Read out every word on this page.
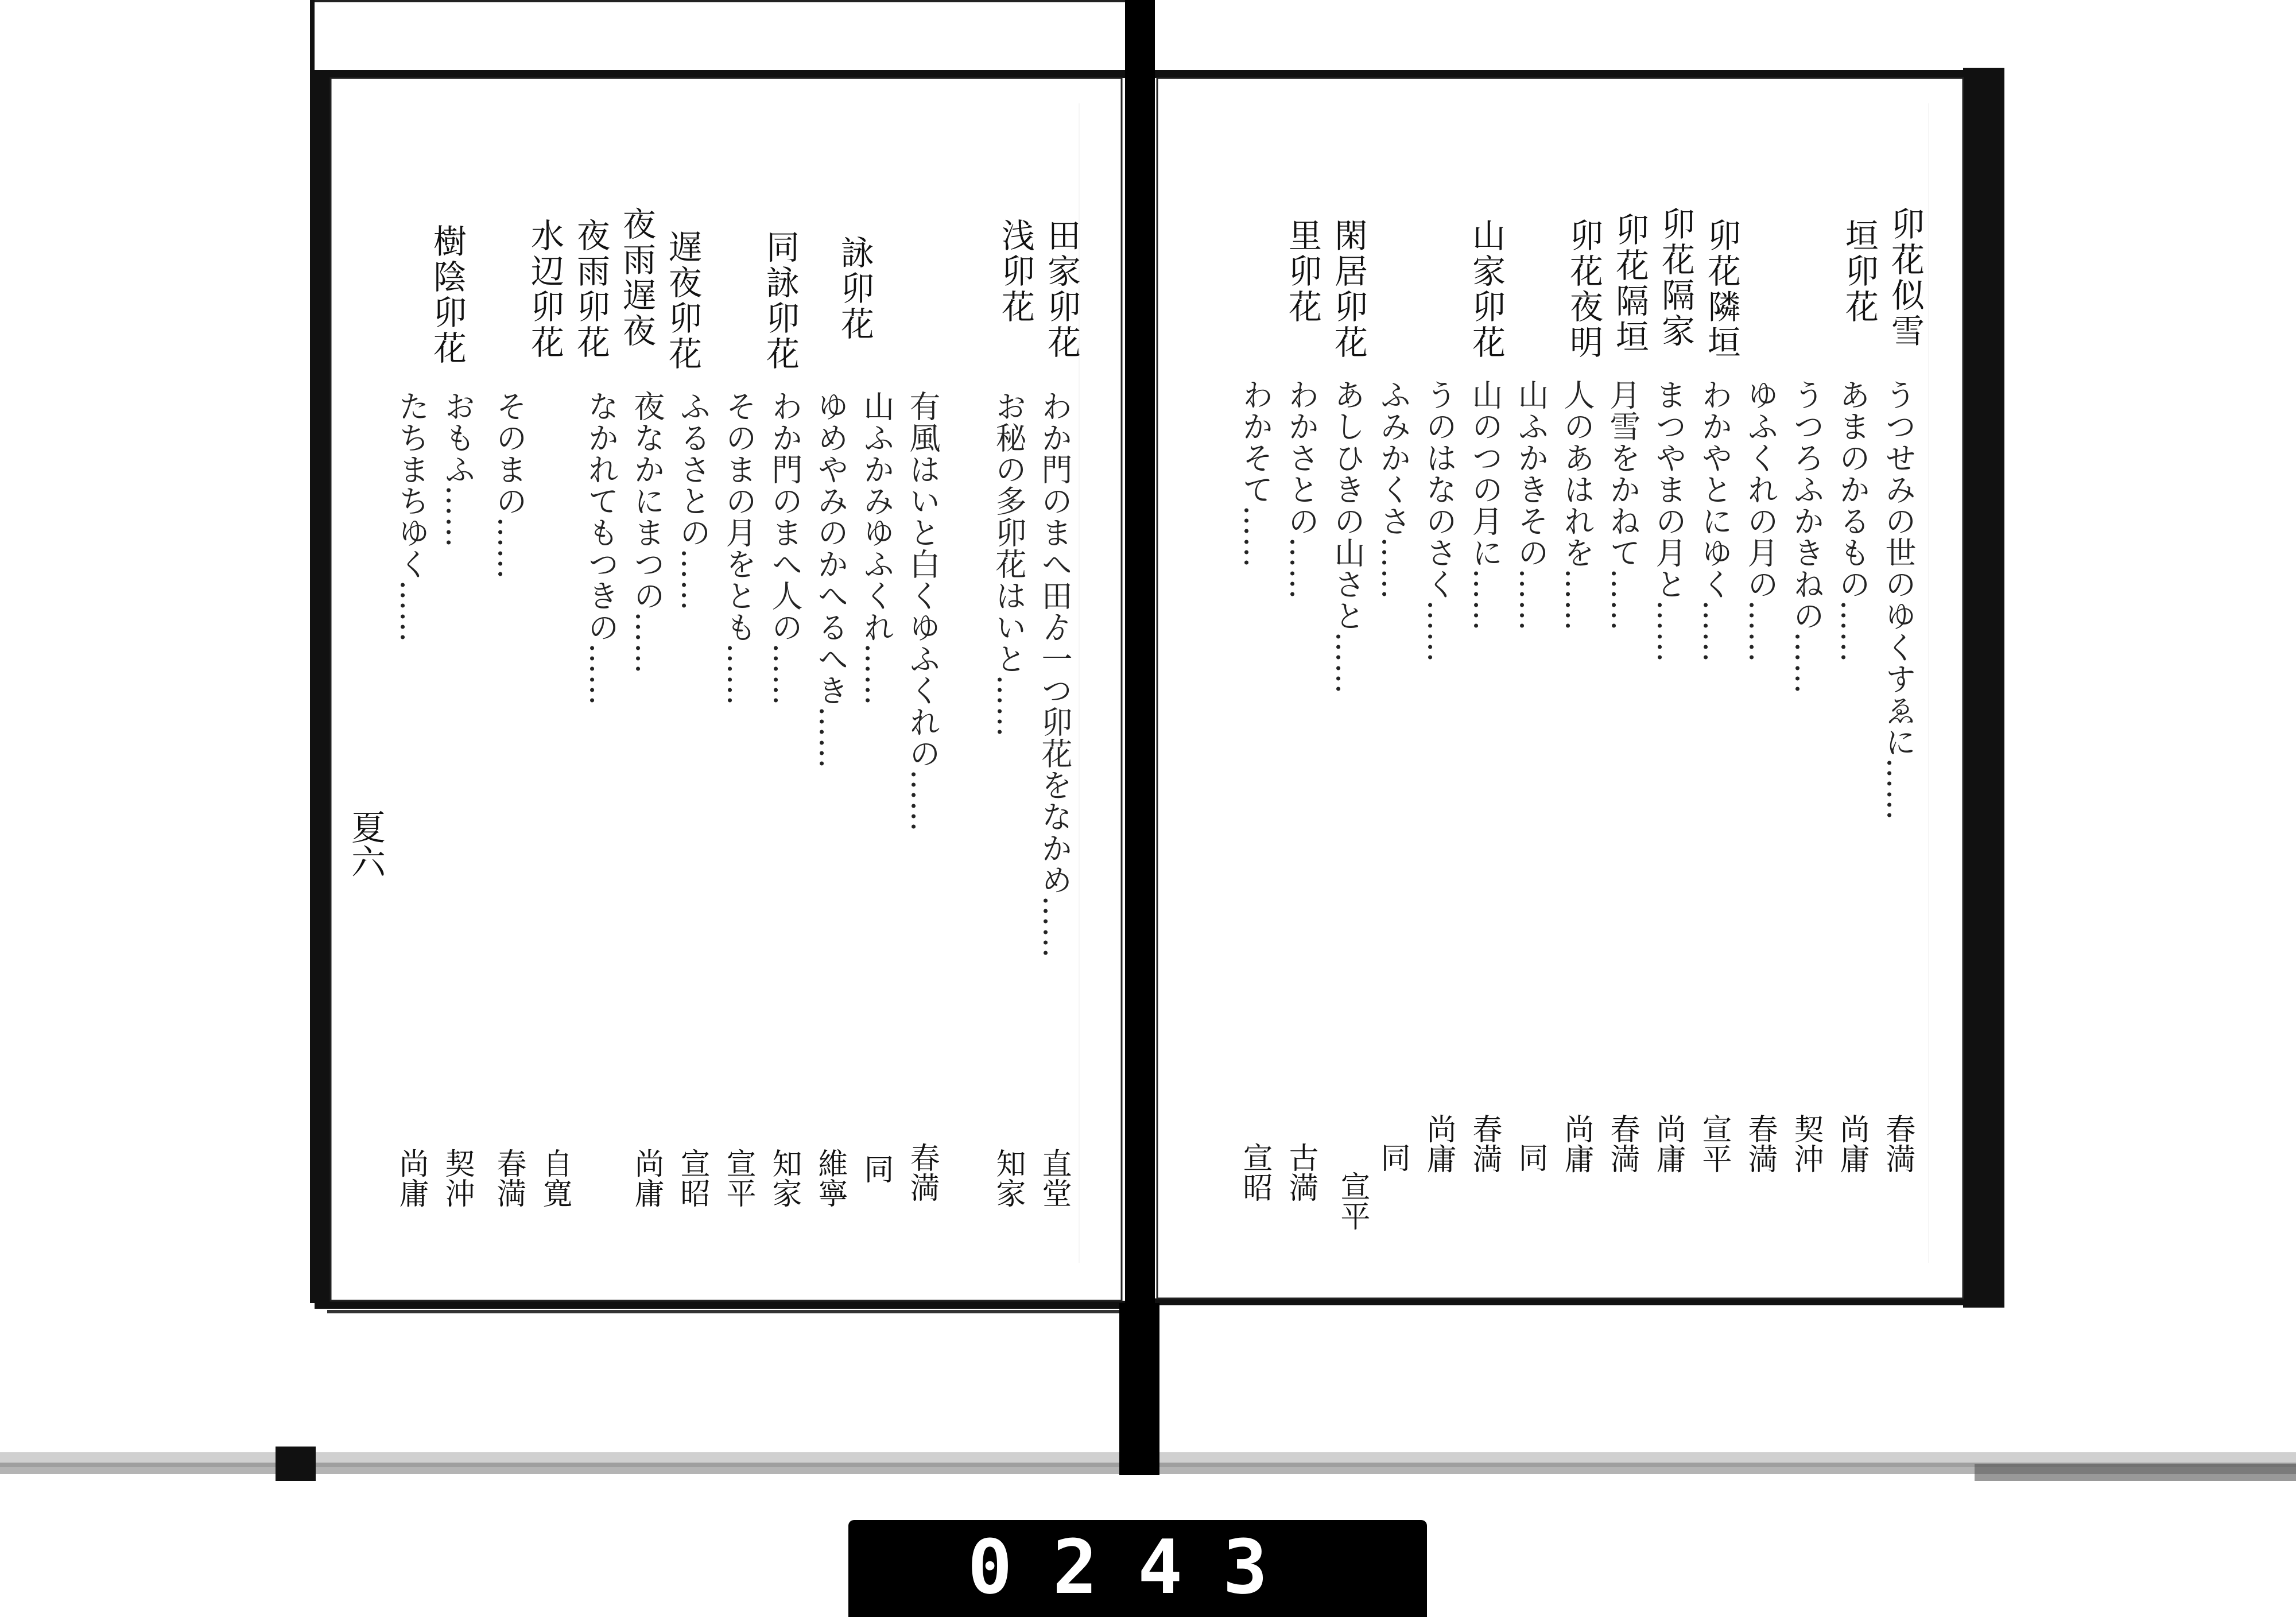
田家卯花
浅卯花
詠卯花
同詠卯花
遅夜卯花
夜雨遅夜
夜雨卯花
水辺卯花
樹陰卯花
わか門のまへ田ゟ一つ卯花をなかめ……
お秘の多卯花はいと……
有風はいと白くゆふくれの……
山ふかみゆふくれ……
ゆめやみのかへるへき……
わか門のまへ人の……
そのまの月をとも……
ふるさとの……
夜なかにまつの……
なかれてもつきの……
そのまの……
おもふ……
たちまちゆく……
直堂
知家
春満
同
維寧
知家
宣平
宣昭
尚庸
自寛
春満
契沖
尚庸
夏六
卯花似雪
垣卯花
卯花隣垣
卯花隔家
卯花隔垣
卯花夜明
山家卯花
閑居卯花
里卯花
うつせみの世のゆくすゑに……
あまのかるもの……
うつろふかきねの……
ゆふくれの月の……
わかやとにゆく……
まつやまの月と……
月雪をかねて……
人のあはれを……
山ふかきその……
山のつの月に……
うのはなのさく……
ふみかくさ……
あしひきの山さと……
わかさとの……
わかそて……
春満
尚庸
契沖
春満
宣平
尚庸
春満
尚庸
同
春満
尚庸
同
古満 宣平
宣昭
0243
